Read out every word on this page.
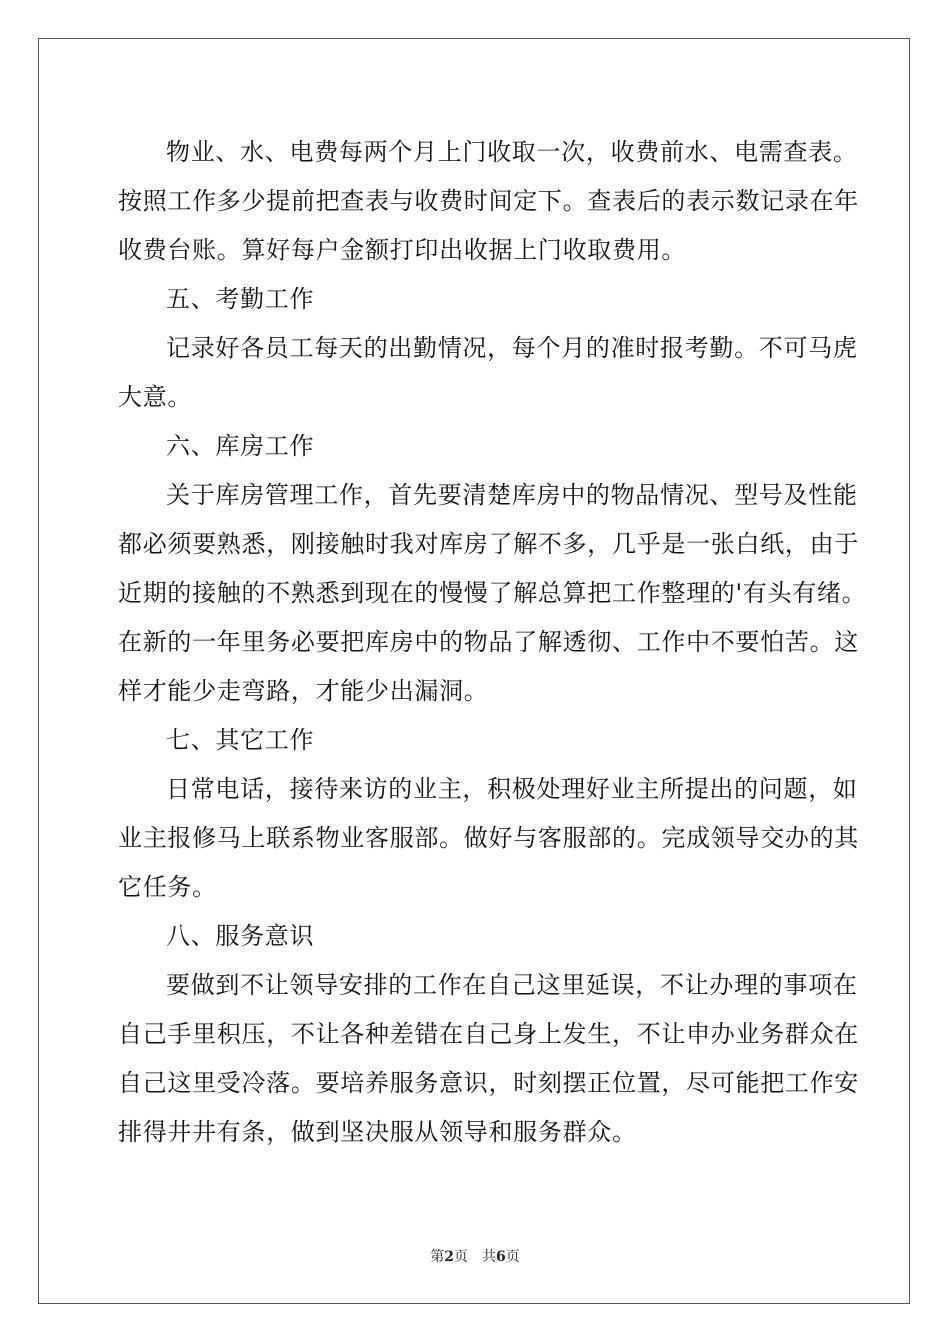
物业、水、电费每两个月上门收取一次，收费前水、电需查表。
按照工作多少提前把查表与收费时间定下。查表后的表示数记录在年
收费台账。算好每户金额打印出收据上门收取费用。
五、考勤工作
记录好各员工每天的出勤情况，每个月的准时报考勤。不可马虎
大意。
六、库房工作
关于库房管理工作，首先要清楚库房中的物品情况、型号及性能
都必须要熟悉，刚接触时我对库房了解不多，几乎是一张白纸，由于
近期的接触的不熟悉到现在的慢慢了解总算把工作整理的'有头有绪。
在新的一年里务必要把库房中的物品了解透彻、工作中不要怕苦。这
样才能少走弯路，才能少出漏洞。
七、其它工作
日常电话，接待来访的业主，积极处理好业主所提出的问题，如
业主报修马上联系物业客服部。做好与客服部的。完成领导交办的其
它任务。
八、服务意识
要做到不让领导安排的工作在自己这里延误，不让办理的事项在
自己手里积压，不让各种差错在自己身上发生，不让申办业务群众在
自己这里受冷落。要培养服务意识，时刻摆正位置，尽可能把工作安
排得井井有条，做到坚决服从领导和服务群众。
第2页 共6页
